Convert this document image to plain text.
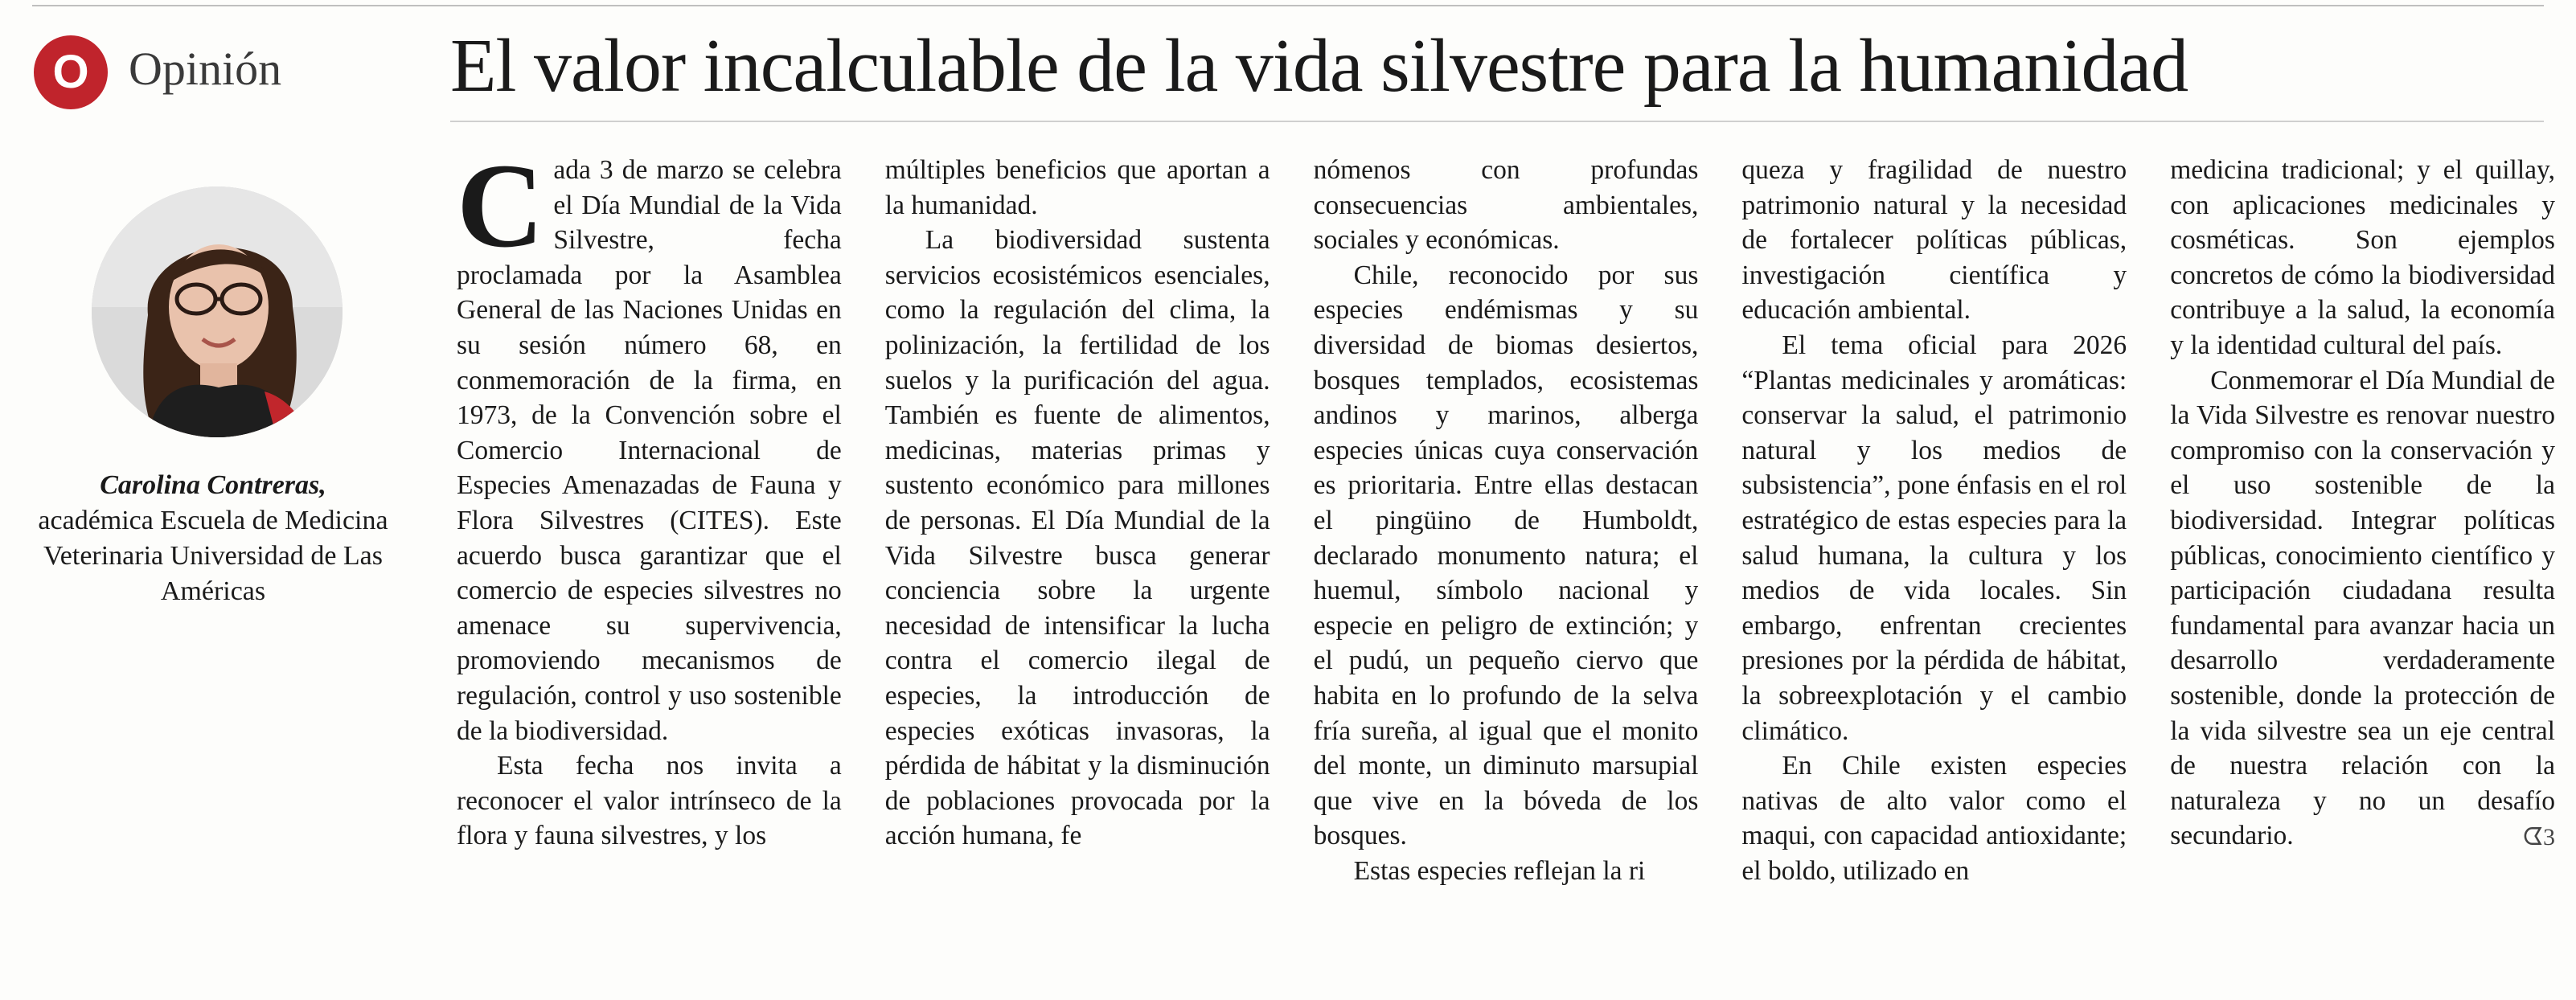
O Opinión El valor incalculable de la vida silvestre para la humanidad
Carolina Contreras,
académica Escuela de Medicina Veterinaria Universidad de Las Américas

Cada 3 de marzo se celebra el Día Mundial de la Vida Silvestre, fecha proclamada por la Asamblea General de las Naciones Unidas en su sesión número 68, en conmemoración de la firma, en 1973, de la Convención sobre el Comercio Internacional de Especies Amenazadas de Fauna y Flora Silvestres (CITES). Este acuerdo busca garantizar que el comercio de especies silvestres no amenace su supervivencia, promoviendo mecanismos de regulación, control y uso sostenible de la biodiversidad.

Esta fecha nos invita a reconocer el valor intrínseco de la flora y fauna silvestres, y los

múltiples beneficios que aportan a la humanidad.

La biodiversidad sustenta servicios ecosistémicos esenciales, como la regulación del clima, la polinización, la fertilidad de los suelos y la purificación del agua. También es fuente de alimentos, medicinas, materias primas y sustento económico para millones de personas. El Día Mundial de la Vida Silvestre busca generar conciencia sobre la urgente necesidad de intensificar la lucha contra el comercio ilegal de especies, la introducción de especies exóticas invasoras, la pérdida de hábitat y la disminución de poblaciones provocada por la acción humana, fe

nómenos con profundas consecuencias ambientales, sociales y económicas.

Chile, reconocido por sus especies endémismas y su diversidad de biomas desiertos, bosques templados, ecosistemas andinos y marinos, alberga especies únicas cuya conservación es prioritaria. Entre ellas destacan el pingüino de Humboldt, declarado monumento natura; el huemul, símbolo nacional y especie en peligro de extinción; y el pudú, un pequeño ciervo que habita en lo profundo de la selva fría sureña, al igual que el monito del monte, un diminuto marsupial que vive en la bóveda de los bosques.

Estas especies reflejan la ri

queza y fragilidad de nuestro patrimonio natural y la necesidad de fortalecer políticas públicas, investigación científica y educación ambiental.

El tema oficial para 2026 “Plantas medicinales y aromáticas: conservar la salud, el patrimonio natural y los medios de subsistencia”, pone énfasis en el rol estratégico de estas especies para la salud humana, la cultura y los medios de vida locales. Sin embargo, enfrentan crecientes presiones por la pérdida de hábitat, la sobreexplotación y el cambio climático.

En Chile existen especies nativas de alto valor como el maqui, con capacidad antioxidante; el boldo, utilizado en

medicina tradicional; y el quillay, con aplicaciones medicinales y cosméticas. Son ejemplos concretos de cómo la biodiversidad contribuye a la salud, la economía y la identidad cultural del país.

Conmemorar el Día Mundial de la Vida Silvestre es renovar nuestro compromiso con la conservación y el uso sostenible de la biodiversidad. Integrar políticas públicas, conocimiento científico y participación ciudadana resulta fundamental para avanzar hacia un desarrollo verdaderamente sostenible, donde la protección de la vida silvestre sea un eje central de nuestra relación con la naturaleza y no un desafío secundario.	ᗧ3
